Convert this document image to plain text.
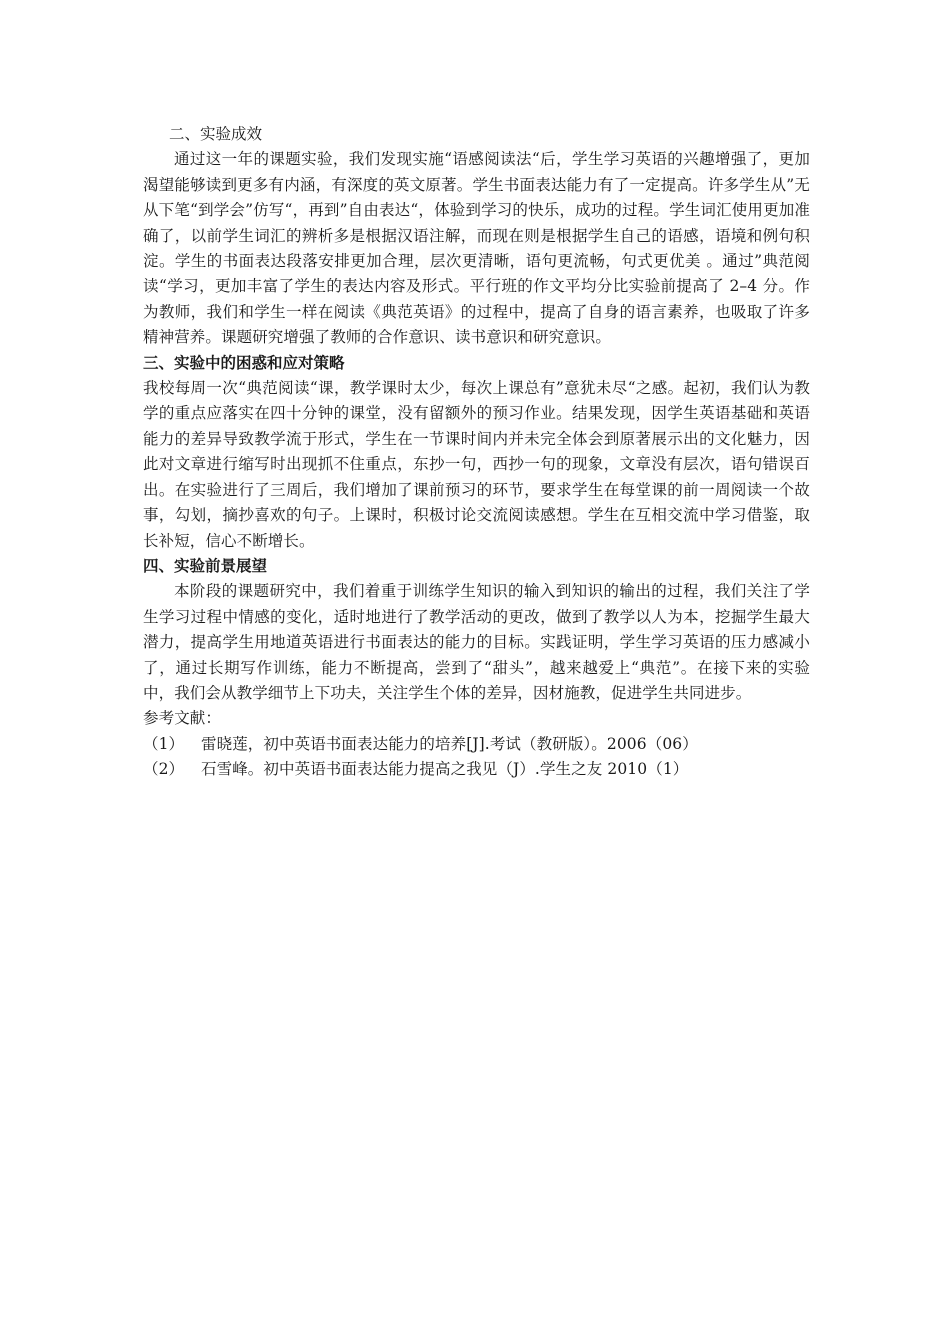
二、实验成效

通过这一年的课题实验，我们发现实施“语感阅读法“后，学生学习英语的兴趣增强了，更加渴望能够读到更多有内涵，有深度的英文原著。学生书面表达能力有了一定提高。许多学生从”无从下笔“到学会”仿写“，再到”自由表达“，体验到学习的快乐，成功的过程。学生词汇使用更加准确了，以前学生词汇的辨析多是根据汉语注解，而现在则是根据学生自己的语感，语境和例句积淀。学生的书面表达段落安排更加合理，层次更清晰，语句更流畅，句式更优美 。通过”典范阅读“学习，更加丰富了学生的表达内容及形式。平行班的作文平均分比实验前提高了 2–4 分。作为教师，我们和学生一样在阅读《典范英语》的过程中，提高了自身的语言素养，也吸取了许多精神营养。课题研究增强了教师的合作意识、读书意识和研究意识。

三、实验中的困惑和应对策略

我校每周一次“典范阅读“课，教学课时太少，每次上课总有”意犹未尽“之感。起初，我们认为教学的重点应落实在四十分钟的课堂，没有留额外的预习作业。结果发现，因学生英语基础和英语能力的差异导致教学流于形式，学生在一节课时间内并未完全体会到原著展示出的文化魅力，因此对文章进行缩写时出现抓不住重点，东抄一句，西抄一句的现象，文章没有层次，语句错误百出。在实验进行了三周后，我们增加了课前预习的环节，要求学生在每堂课的前一周阅读一个故事，勾划，摘抄喜欢的句子。上课时，积极讨论交流阅读感想。学生在互相交流中学习借鉴，取长补短，信心不断增长。

四、实验前景展望

本阶段的课题研究中，我们着重于训练学生知识的输入到知识的输出的过程，我们关注了学生学习过程中情感的变化，适时地进行了教学活动的更改，做到了教学以人为本，挖掘学生最大潜力，提高学生用地道英语进行书面表达的能力的目标。实践证明，学生学习英语的压力感减小了，通过长期写作训练，能力不断提高，尝到了“甜头”，越来越爱上“典范”。在接下来的实验中，我们会从教学细节上下功夫，关注学生个体的差异，因材施教，促进学生共同进步。

参考文献：

（1）	雷晓莲，初中英语书面表达能力的培养[J].考试（教研版）。2006（06）

（2）	石雪峰。初中英语书面表达能力提高之我见（J）.学生之友 2010（1）
